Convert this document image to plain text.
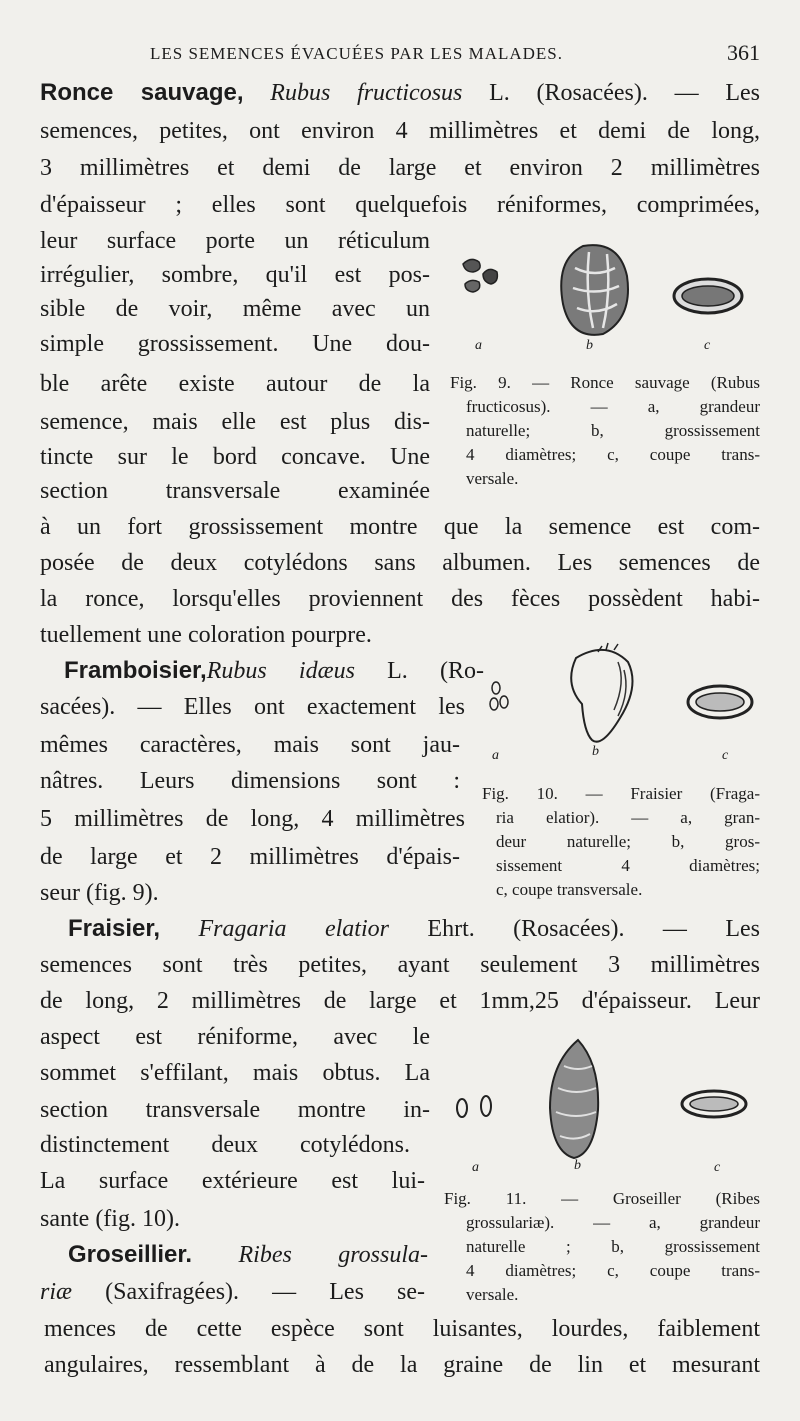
LES SEMENCES ÉVACUÉES PAR LES MALADES.	361
Ronce sauvage, Rubus fructicosus L. (Rosacées). — Les
semences, petites, ont environ 4 millimètres et demi de long,
3 millimètres et demi de large et environ 2 millimètres
d'épaisseur ; elles sont quelquefois réniformes, comprimées,
leur surface porte un réticulum
irrégulier, sombre, qu'il est pos-
sible de voir, même avec un
simple grossissement. Une dou-
ble arête existe autour de la
semence, mais elle est plus dis-
tincte sur le bord concave. Une
section transversale examinée
à un fort grossissement montre que la semence est com-
posée de deux cotylédons sans albumen. Les semences de
la ronce, lorsqu'elles proviennent des fèces possèdent habi-
tuellement une coloration pourpre.
a	b	c
Fig. 9. — Ronce sauvage (Rubus
fructicosus). — a, grandeur
naturelle; b, grossissement
4 diamètres; c, coupe trans-
versale.
Framboisier,Rubus idæus L. (Ro-
sacées). — Elles ont exactement les
mêmes caractères, mais sont jau-
nâtres. Leurs dimensions sont :
5 millimètres de long, 4 millimètres
de large et 2 millimètres d'épais-
seur (fig. 9).
a	b	c
Fig. 10. — Fraisier (Fraga-
ria elatior). — a, gran-
deur naturelle; b, gros-
sissement 4 diamètres;
c, coupe transversale.
Fraisier, Fragaria elatior Ehrt. (Rosacées). — Les
semences sont très petites, ayant seulement 3 millimètres
de long, 2 millimètres de large et 1mm,25 d'épaisseur. Leur
aspect est réniforme, avec le
sommet s'effilant, mais obtus. La
section transversale montre in-
distinctement deux cotylédons.
La surface extérieure est lui-
sante (fig. 10).
a	b	c
Fig. 11. — Groseiller (Ribes
grossulariæ). — a, grandeur
naturelle ; b, grossissement
4 diamètres; c, coupe trans-
versale.
Groseillier. Ribes grossula-
riæ (Saxifragées). — Les se-
mences de cette espèce sont luisantes, lourdes, faiblement
angulaires, ressemblant à de la graine de lin et mesurant
